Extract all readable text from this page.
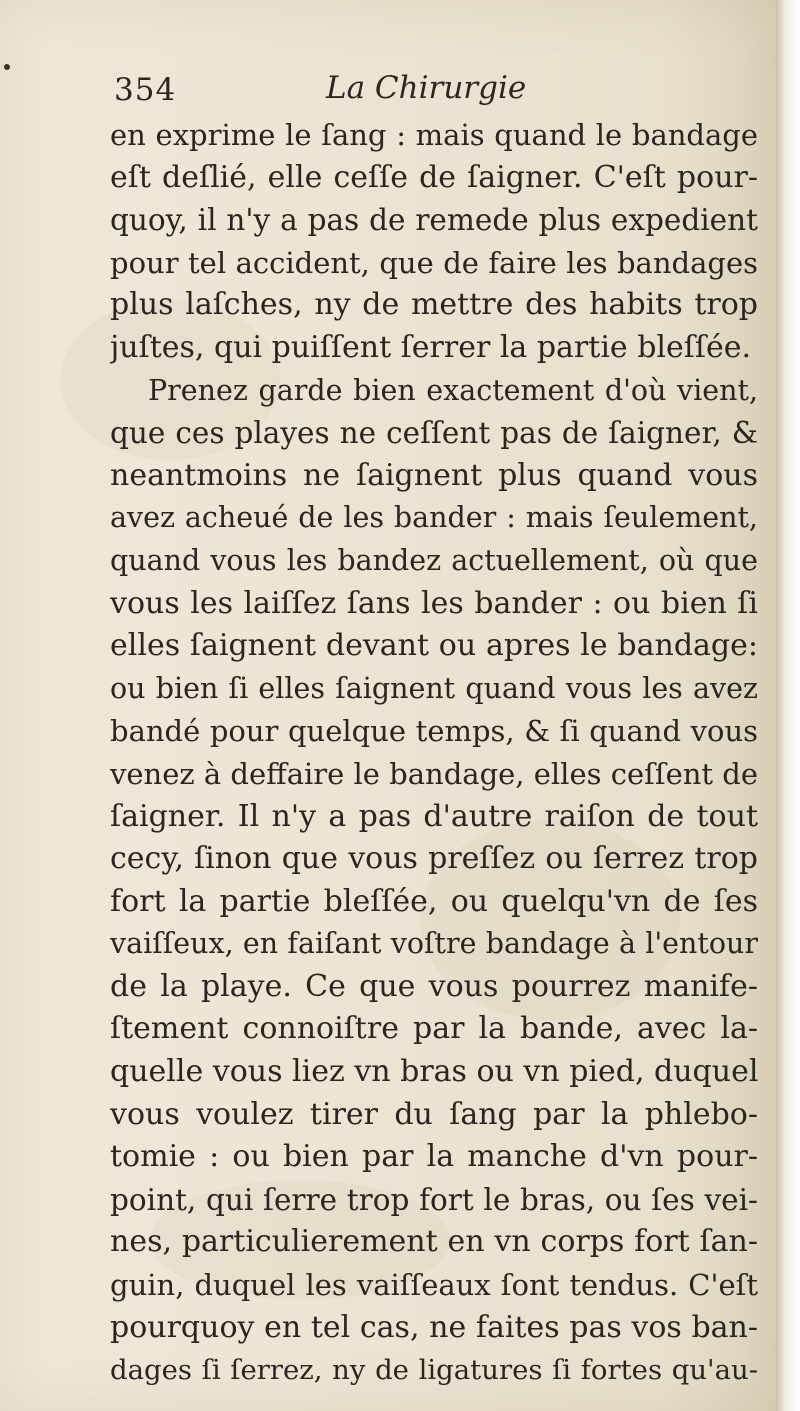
354	La Chirurgie
en exprime le ſang : mais quand le bandage
eſt deſlié, elle ceſſe de ſaigner. C'eſt pour-
quoy, il n'y a pas de remede plus expedient
pour tel accident, que de faire les bandages
plus laſches, ny de mettre des habits trop
juſtes, qui puiſſent ſerrer la partie bleſſée.
Prenez garde bien exactement d'où vient,
que ces playes ne ceſſent pas de ſaigner, &
neantmoins ne ſaignent plus quand vous
avez acheué de les bander : mais ſeulement,
quand vous les bandez actuellement, où que
vous les laiſſez ſans les bander : ou bien ſi
elles ſaignent devant ou apres le bandage:
ou bien ſi elles ſaignent quand vous les avez
bandé pour quelque temps, & ſi quand vous
venez à deffaire le bandage, elles ceſſent de
ſaigner. Il n'y a pas d'autre raiſon de tout
cecy, ſinon que vous preſſez ou ſerrez trop
fort la partie bleſſée, ou quelqu'vn de ſes
vaiſſeux, en faiſant voſtre bandage à l'entour
de la playe. Ce que vous pourrez manife-
ſtement connoiſtre par la bande, avec la-
quelle vous liez vn bras ou vn pied, duquel
vous voulez tirer du ſang par la phlebo-
tomie : ou bien par la manche d'vn pour-
point, qui ſerre trop fort le bras, ou ſes vei-
nes, particulierement en vn corps fort ſan-
guin, duquel les vaiſſeaux ſont tendus. C'eſt
pourquoy en tel cas, ne faites pas vos ban-
dages ſi ſerrez, ny de ligatures ſi fortes qu'au-
